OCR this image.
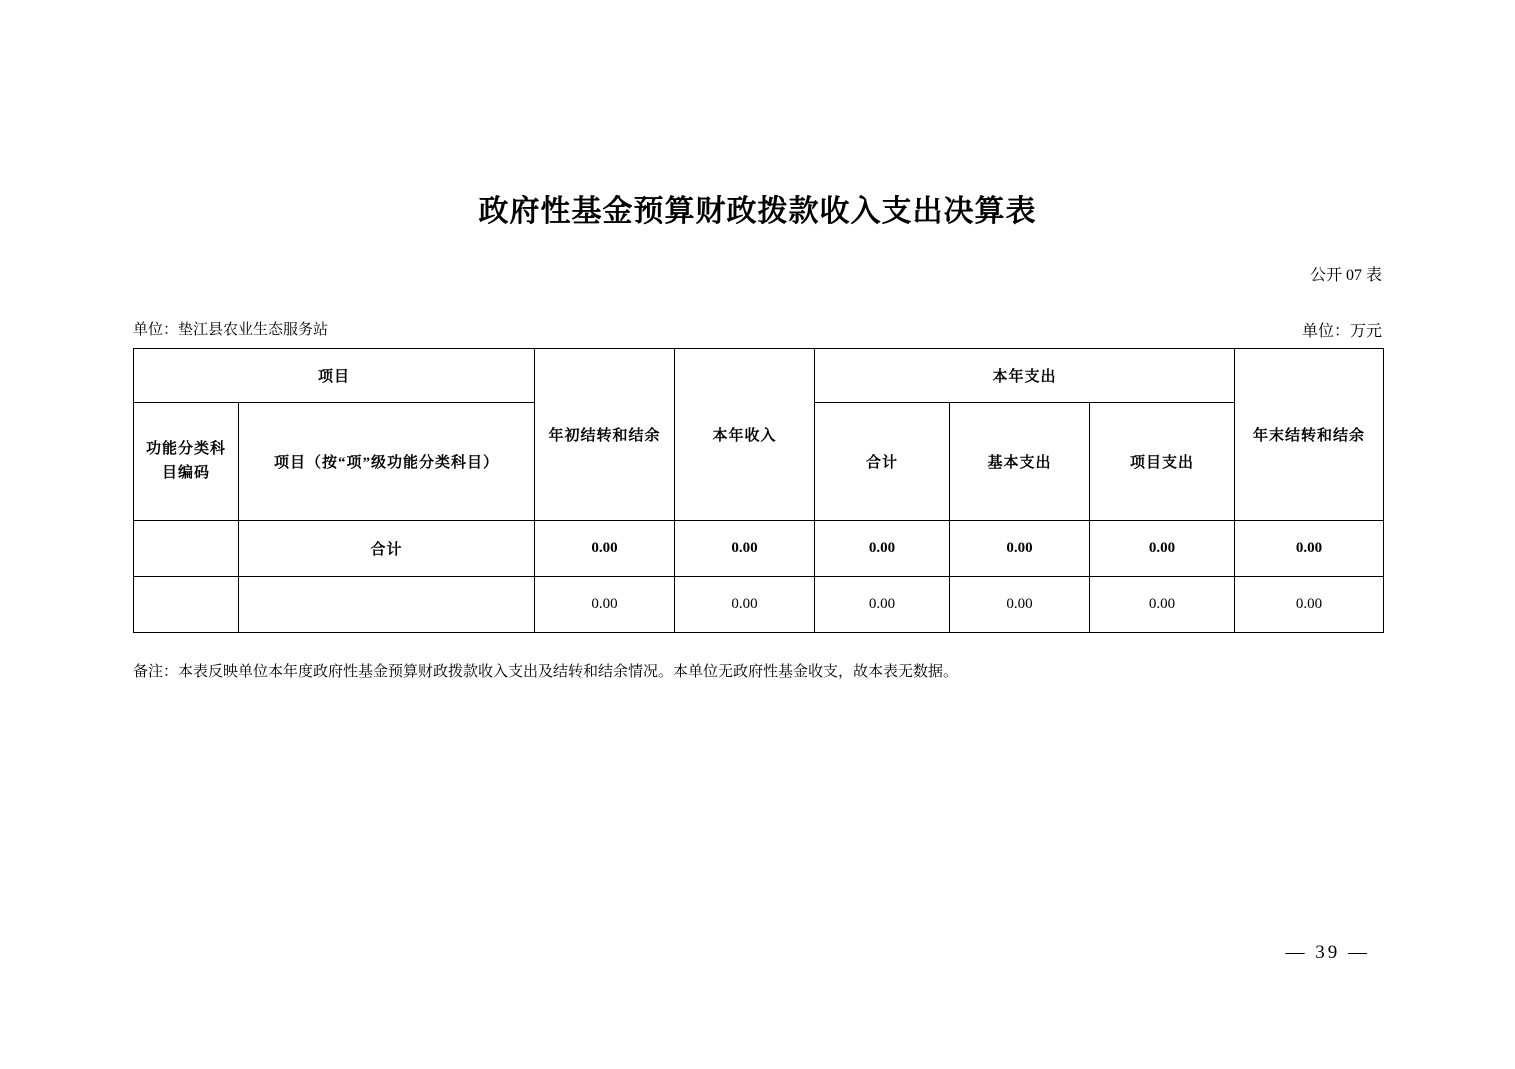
政府性基金预算财政拨款收入支出决算表
公开 07 表
单位：垫江县农业生态服务站	单位：万元
项目		年初结转和结余	本年收入	本年支出			年末结转和结余

功能分类科
目编码	项目（按“项”级功能分类科目）			合计	基本支出	项目支出	
	合计	0.00	0.00	0.00	0.00	0.00	0.00
		0.00	0.00	0.00	0.00	0.00	0.00
备注：本表反映单位本年度政府性基金预算财政拨款收入支出及结转和结余情况。本单位无政府性基金收支，故本表无数据。
— 39 —
